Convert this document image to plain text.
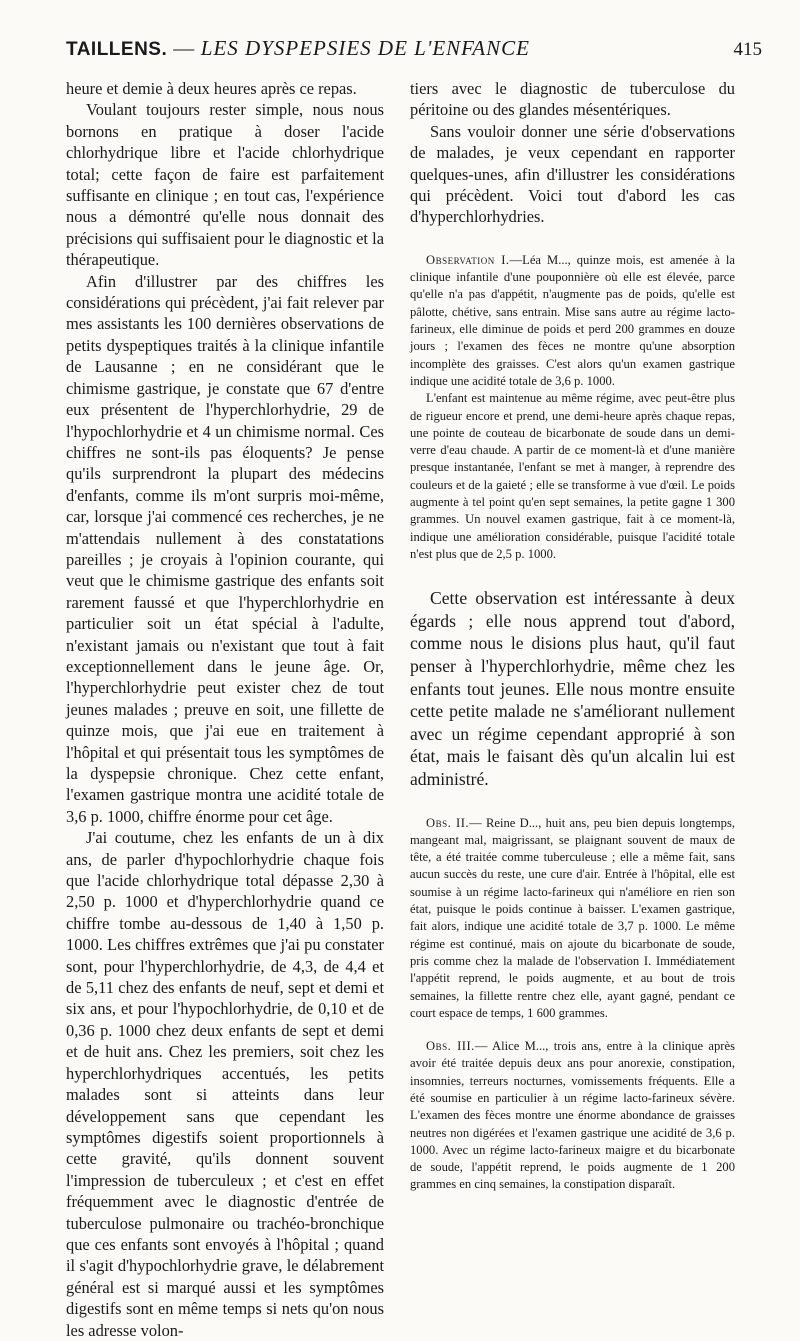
TAILLENS. — LES DYSPEPSIES DE L'ENFANCE	415

heure et demie à deux heures après ce repas.

Voulant toujours rester simple, nous nous bornons en pratique à doser l'acide chlorhydrique libre et l'acide chlorhydrique total; cette façon de faire est parfaitement suffisante en clinique ; en tout cas, l'expérience nous a démontré qu'elle nous donnait des précisions qui suffisaient pour le diagnostic et la thérapeutique.

Afin d'illustrer par des chiffres les considérations qui précèdent, j'ai fait relever par mes assistants les 100 dernières observations de petits dyspeptiques traités à la clinique infantile de Lausanne ; en ne considérant que le chimisme gastrique, je constate que 67 d'entre eux présentent de l'hyperchlorhydrie, 29 de l'hypochlorhydrie et 4 un chimisme normal. Ces chiffres ne sont-ils pas éloquents? Je pense qu'ils surprendront la plupart des médecins d'enfants, comme ils m'ont surpris moi-même, car, lorsque j'ai commencé ces recherches, je ne m'attendais nullement à des constatations pareilles ; je croyais à l'opinion courante, qui veut que le chimisme gastrique des enfants soit rarement faussé et que l'hyperchlorhydrie en particulier soit un état spécial à l'adulte, n'existant jamais ou n'existant que tout à fait exceptionnellement dans le jeune âge. Or, l'hyperchlorhydrie peut exister chez de tout jeunes malades ; preuve en soit, une fillette de quinze mois, que j'ai eue en traitement à l'hôpital et qui présentait tous les symptômes de la dyspepsie chronique. Chez cette enfant, l'examen gastrique montra une acidité totale de 3,6 p. 1000, chiffre énorme pour cet âge.

J'ai coutume, chez les enfants de un à dix ans, de parler d'hypochlorhydrie chaque fois que l'acide chlorhydrique total dépasse 2,30 à 2,50 p. 1000 et d'hyperchlorhydrie quand ce chiffre tombe au-dessous de 1,40 à 1,50 p. 1000. Les chiffres extrêmes que j'ai pu constater sont, pour l'hyperchlorhydrie, de 4,3, de 4,4 et de 5,11 chez des enfants de neuf, sept et demi et six ans, et pour l'hypochlorhydrie, de 0,10 et de 0,36 p. 1000 chez deux enfants de sept et demi et de huit ans. Chez les premiers, soit chez les hyperchlorhydriques accentués, les petits malades sont si atteints dans leur développement sans que cependant les symptômes digestifs soient proportionnels à cette gravité, qu'ils donnent souvent l'impression de tuberculeux ; et c'est en effet fréquemment avec le diagnostic d'entrée de tuberculose pulmonaire ou trachéo-bronchique que ces enfants sont envoyés à l'hôpital ; quand il s'agit d'hypochlorhydrie grave, le délabrement général est si marqué aussi et les symptômes digestifs sont en même temps si nets qu'on nous les adresse volon-

tiers avec le diagnostic de tuberculose du péritoine ou des glandes mésentériques.

Sans vouloir donner une série d'observations de malades, je veux cependant en rapporter quelques-unes, afin d'illustrer les considérations qui précèdent. Voici tout d'abord les cas d'hyperchlorhydries.

Observation I.—Léa M..., quinze mois, est amenée à la clinique infantile d'une pouponnière où elle est élevée, parce qu'elle n'a pas d'appétit, n'augmente pas de poids, qu'elle est pâlotte, chétive, sans entrain. Mise sans autre au régime lacto-farineux, elle diminue de poids et perd 200 grammes en douze jours ; l'examen des fèces ne montre qu'une absorption incomplète des graisses. C'est alors qu'un examen gastrique indique une acidité totale de 3,6 p. 1000.

L'enfant est maintenue au même régime, avec peut-être plus de rigueur encore et prend, une demi-heure après chaque repas, une pointe de couteau de bicarbonate de soude dans un demi-verre d'eau chaude. A partir de ce moment-là et d'une manière presque instantanée, l'enfant se met à manger, à reprendre des couleurs et de la gaieté ; elle se transforme à vue d'œil. Le poids augmente à tel point qu'en sept semaines, la petite gagne 1 300 grammes. Un nouvel examen gastrique, fait à ce moment-là, indique une amélioration considérable, puisque l'acidité totale n'est plus que de 2,5 p. 1000.

Cette observation est intéressante à deux égards ; elle nous apprend tout d'abord, comme nous le disions plus haut, qu'il faut penser à l'hyperchlorhydrie, même chez les enfants tout jeunes. Elle nous montre ensuite cette petite malade ne s'améliorant nullement avec un régime cependant approprié à son état, mais le faisant dès qu'un alcalin lui est administré.

Obs. II.— Reine D..., huit ans, peu bien depuis longtemps, mangeant mal, maigrissant, se plaignant souvent de maux de tête, a été traitée comme tuberculeuse ; elle a même fait, sans aucun succès du reste, une cure d'air. Entrée à l'hôpital, elle est soumise à un régime lacto-farineux qui n'améliore en rien son état, puisque le poids continue à baisser. L'examen gastrique, fait alors, indique une acidité totale de 3,7 p. 1000. Le même régime est continué, mais on ajoute du bicarbonate de soude, pris comme chez la malade de l'observation I. Immédiatement l'appétit reprend, le poids augmente, et au bout de trois semaines, la fillette rentre chez elle, ayant gagné, pendant ce court espace de temps, 1 600 grammes.

Obs. III.— Alice M..., trois ans, entre à la clinique après avoir été traitée depuis deux ans pour anorexie, constipation, insomnies, terreurs nocturnes, vomissements fréquents. Elle a été soumise en particulier à un régime lacto-farineux sévère. L'examen des fèces montre une énorme abondance de graisses neutres non digérées et l'examen gastrique une acidité de 3,6 p. 1000. Avec un régime lacto-farineux maigre et du bicarbonate de soude, l'appétit reprend, le poids augmente de 1 200 grammes en cinq semaines, la constipation disparaît.
